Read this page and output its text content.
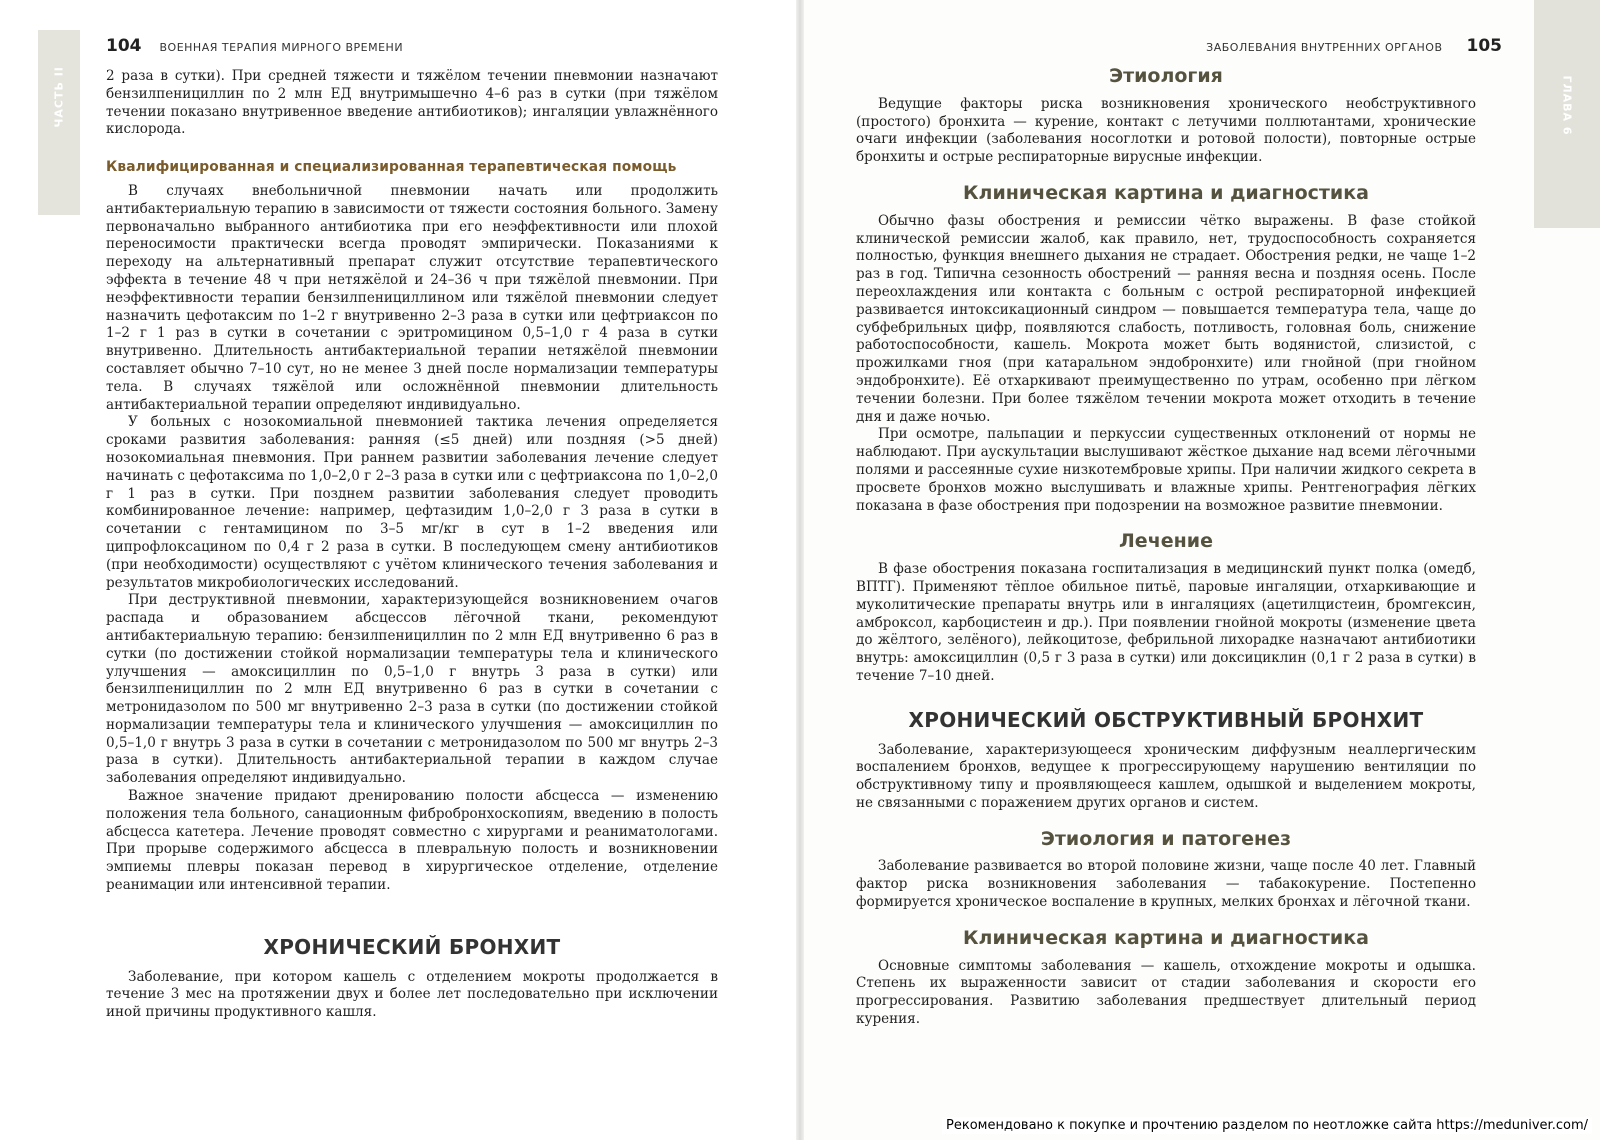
ЧАСТЬ II
104 ВОЕННАЯ ТЕРАПИЯ МИРНОГО ВРЕМЕНИ

2 раза в сутки). При средней тяжести и тяжёлом течении пневмонии назначают бензилпенициллин по 2 млн ЕД внутримышечно 4–6 раз в сутки (при тяжёлом течении показано внутривенное введение антибиотиков); ингаляции увлажнённого кислорода.

Квалифицированная и специализированная терапевтическая помощь

В случаях внебольничной пневмонии начать или продолжить антибактериальную терапию в зависимости от тяжести состояния больного. Замену первоначально выбранного антибиотика при его неэффективности или плохой переносимости практически всегда проводят эмпирически. Показаниями к переходу на альтернативный препарат служит отсутствие терапевтического эффекта в течение 48 ч при нетяжёлой и 24–36 ч при тяжёлой пневмонии. При неэффективности терапии бензилпенициллином или тяжёлой пневмонии следует назначить цефотаксим по 1–2 г внутривенно 2–3 раза в сутки или цефтриаксон по 1–2 г 1 раз в сутки в сочетании с эритромицином 0,5–1,0 г 4 раза в сутки внутривенно. Длительность антибактериальной терапии нетяжёлой пневмонии составляет обычно 7–10 сут, но не менее 3 дней после нормализации температуры тела. В случаях тяжёлой или осложнённой пневмонии длительность антибактериальной терапии определяют индивидуально.

У больных с нозокомиальной пневмонией тактика лечения определяется сроками развития заболевания: ранняя (≤5 дней) или поздняя (>5 дней) нозокомиальная пневмония. При раннем развитии заболевания лечение следует начинать с цефотаксима по 1,0–2,0 г 2–3 раза в сутки или с цефтриаксона по 1,0–2,0 г 1 раз в сутки. При позднем развитии заболевания следует проводить комбинированное лечение: например, цефтазидим 1,0–2,0 г 3 раза в сутки в сочетании с гентамицином по 3–5 мг/кг в сут в 1–2 введения или ципрофлоксацином по 0,4 г 2 раза в сутки. В последующем смену антибиотиков (при необходимости) осуществляют с учётом клинического течения заболевания и результатов микробиологических исследований.

При деструктивной пневмонии, характеризующейся возникновением очагов распада и образованием абсцессов лёгочной ткани, рекомендуют антибактериальную терапию: бензилпенициллин по 2 млн ЕД внутривенно 6 раз в сутки (по достижении стойкой нормализации температуры тела и клинического улучшения — амоксициллин по 0,5–1,0 г внутрь 3 раза в сутки) или бензилпенициллин по 2 млн ЕД внутривенно 6 раз в сутки в сочетании с метронидазолом по 500 мг внутривенно 2–3 раза в сутки (по достижении стойкой нормализации температуры тела и клинического улучшения — амоксициллин по 0,5–1,0 г внутрь 3 раза в сутки в сочетании с метронидазолом по 500 мг внутрь 2–3 раза в сутки). Длительность антибактериальной терапии в каждом случае заболевания определяют индивидуально.

Важное значение придают дренированию полости абсцесса — изменению положения тела больного, санационным фибробронхоскопиям, введению в полость абсцесса катетера. Лечение проводят совместно с хирургами и реаниматологами. При прорыве содержимого абсцесса в плевральную полость и возникновении эмпиемы плевры показан перевод в хирургическое отделение, отделение реанимации или интенсивной терапии.

ХРОНИЧЕСКИЙ БРОНХИТ

Заболевание, при котором кашель с отделением мокроты продолжается в течение 3 мес на протяжении двух и более лет последовательно при исключении иной причины продуктивного кашля.

ГЛАВА 6
ЗАБОЛЕВАНИЯ ВНУТРЕННИХ ОРГАНОВ 105
Этиология

Ведущие факторы риска возникновения хронического необструктивного (простого) бронхита — курение, контакт с летучими поллютантами, хронические очаги инфекции (заболевания носоглотки и ротовой полости), повторные острые бронхиты и острые респираторные вирусные инфекции.

Клиническая картина и диагностика

Обычно фазы обострения и ремиссии чётко выражены. В фазе стойкой клинической ремиссии жалоб, как правило, нет, трудоспособность сохраняется полностью, функция внешнего дыхания не страдает. Обострения редки, не чаще 1–2 раз в год. Типична сезонность обострений — ранняя весна и поздняя осень. После переохлаждения или контакта с больным с острой респираторной инфекцией развивается интоксикационный синдром — повышается температура тела, чаще до субфебрильных цифр, появляются слабость, потливость, головная боль, снижение работоспособности, кашель. Мокрота может быть водянистой, слизистой, с прожилками гноя (при катаральном эндобронхите) или гнойной (при гнойном эндобронхите). Её отхаркивают преимущественно по утрам, особенно при лёгком течении болезни. При более тяжёлом течении мокрота может отходить в течение дня и даже ночью.

При осмотре, пальпации и перкуссии существенных отклонений от нормы не наблюдают. При аускультации выслушивают жёсткое дыхание над всеми лёгочными полями и рассеянные сухие низкотембровые хрипы. При наличии жидкого секрета в просвете бронхов можно выслушивать и влажные хрипы. Рентгенография лёгких показана в фазе обострения при подозрении на возможное развитие пневмонии.

Лечение

В фазе обострения показана госпитализация в медицинский пункт полка (омедб, ВПТГ). Применяют тёплое обильное питьё, паровые ингаляции, отхаркивающие и муколитические препараты внутрь или в ингаляциях (ацетилцистеин, бромгексин, амброксол, карбоцистеин и др.). При появлении гнойной мокроты (изменение цвета до жёлтого, зелёного), лейкоцитозе, фебрильной лихорадке назначают антибиотики внутрь: амоксициллин (0,5 г 3 раза в сутки) или доксициклин (0,1 г 2 раза в сутки) в течение 7–10 дней.

ХРОНИЧЕСКИЙ ОБСТРУКТИВНЫЙ БРОНХИТ

Заболевание, характеризующееся хроническим диффузным неаллергическим воспалением бронхов, ведущее к прогрессирующему нарушению вентиляции по обструктивному типу и проявляющееся кашлем, одышкой и выделением мокроты, не связанными с поражением других органов и систем.

Этиология и патогенез

Заболевание развивается во второй половине жизни, чаще после 40 лет. Главный фактор риска возникновения заболевания — табакокурение. Постепенно формируется хроническое воспаление в крупных, мелких бронхах и лёгочной ткани.

Клиническая картина и диагностика

Основные симптомы заболевания — кашель, отхождение мокроты и одышка. Степень их выраженности зависит от стадии заболевания и скорости его прогрессирования. Развитию заболевания предшествует длительный период курения.

Рекомендовано к покупке и прочтению разделом по неотложке сайта https://meduniver.com/
